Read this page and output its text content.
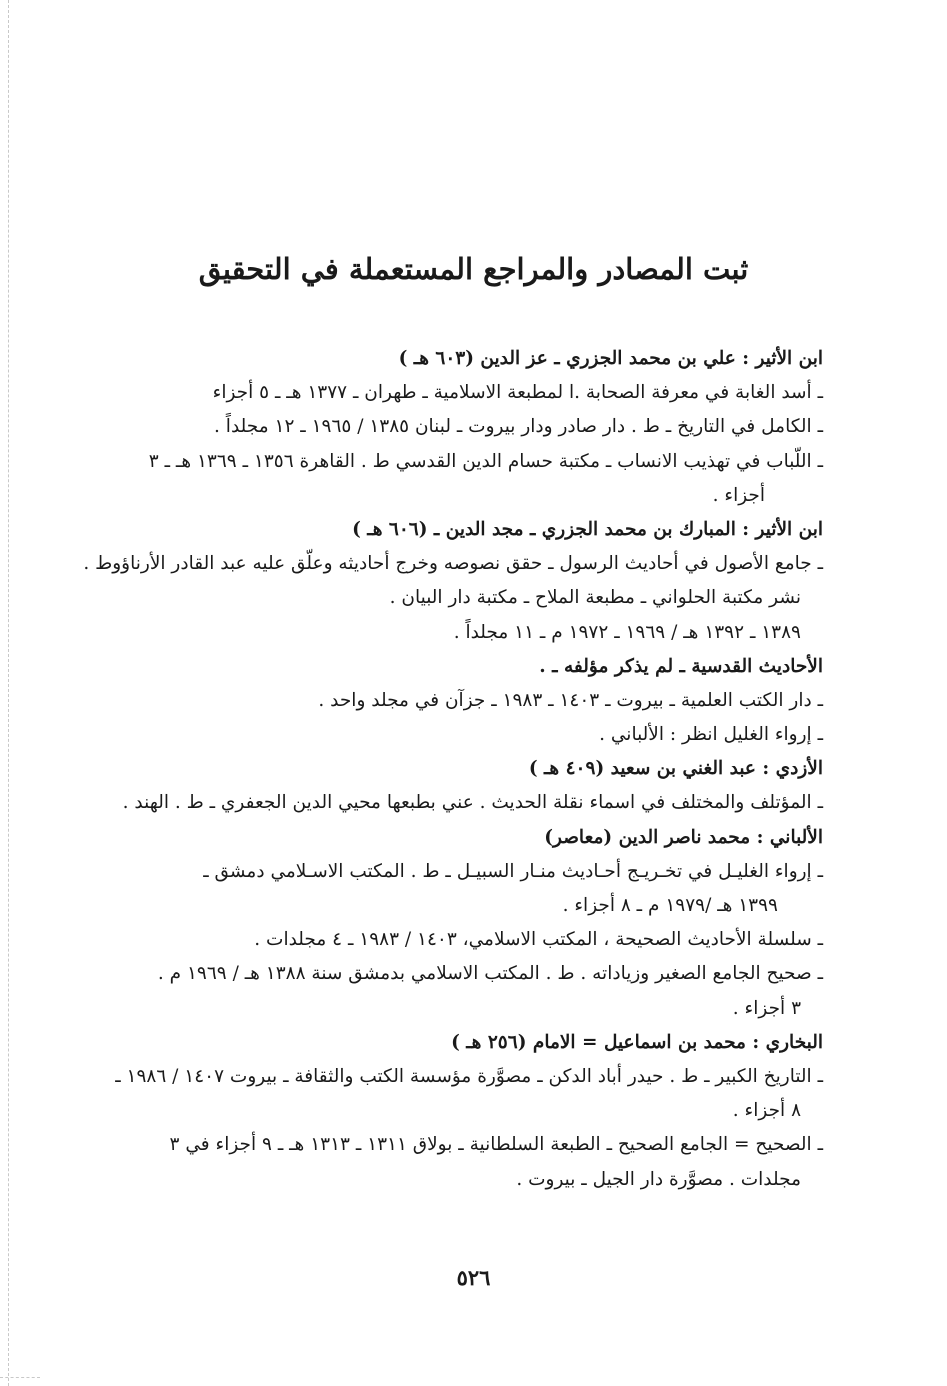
ثبت المصادر والمراجع المستعملة في التحقيق
ابن الأثير : علي بن محمد الجزري ـ عز الدين (٦٠٣ هـ )
ـ أسد الغابة في معرفة الصحابة .ا لمطبعة الاسلامية ـ طهران ـ ١٣٧٧ هـ ـ ٥ أجزاء
ـ الكامل في التاريخ ـ ط . دار صادر ودار بيروت ـ لبنان ١٣٨٥ / ١٩٦٥ ـ ١٢ مجلداً .
ـ اللّباب في تهذيب الانساب ـ مكتبة حسام الدين القدسي ط . القاهرة ١٣٥٦ ـ ١٣٦٩ هـ ـ ٣
أجزاء .
ابن الأثير : المبارك بن محمد الجزري ـ مجد الدين ـ (٦٠٦ هـ )
ـ جامع الأصول في أحاديث الرسول ـ حقق نصوصه وخرج أحاديثه وعلّق عليه عبد القادر الأرناؤوط .
نشر مكتبة الحلواني ـ مطبعة الملاح ـ مكتبة دار البيان .
١٣٨٩ ـ ١٣٩٢ هـ / ١٩٦٩ ـ ١٩٧٢ م ـ ١١ مجلداً .
الأحاديث القدسية ـ لم يذكر مؤلفه ـ .
ـ دار الكتب العلمية ـ بيروت ـ ١٤٠٣ ـ ١٩٨٣ ـ جزآن في مجلد واحد .
ـ إرواء الغليل انظر : الألباني .
الأزدي : عبد الغني بن سعيد (٤٠٩ هـ )
ـ المؤتلف والمختلف في اسماء نقلة الحديث . عني بطبعها محيي الدين الجعفري ـ ط . الهند .
الألباني : محمد ناصر الدين (معاصر)
ـ إرواء الغليـل في تخـريـج أحـاديث منـار السبيـل ـ ط . المكتب الاسـلامي دمشق ـ
١٣٩٩ هـ /١٩٧٩ م ـ ٨ أجزاء .
ـ سلسلة الأحاديث الصحيحة ، المكتب الاسلامي، ١٤٠٣ / ١٩٨٣ ـ ٤ مجلدات .
ـ صحيح الجامع الصغير وزياداته . ط . المكتب الاسلامي بدمشق سنة ١٣٨٨ هـ / ١٩٦٩ م .
٣ أجزاء .
البخاري : محمد بن اسماعيل = الامام (٢٥٦ هـ )
ـ التاريخ الكبير ـ ط . حيدر أباد الدكن ـ مصوَّرة مؤسسة الكتب والثقافة ـ بيروت ١٤٠٧ / ١٩٨٦ ـ
٨ أجزاء .
ـ الصحيح = الجامع الصحيح ـ الطبعة السلطانية ـ بولاق ١٣١١ ـ ١٣١٣ هـ ـ ٩ أجزاء في ٣
مجلدات . مصوَّرة دار الجيل ـ بيروت .
٥٢٦
